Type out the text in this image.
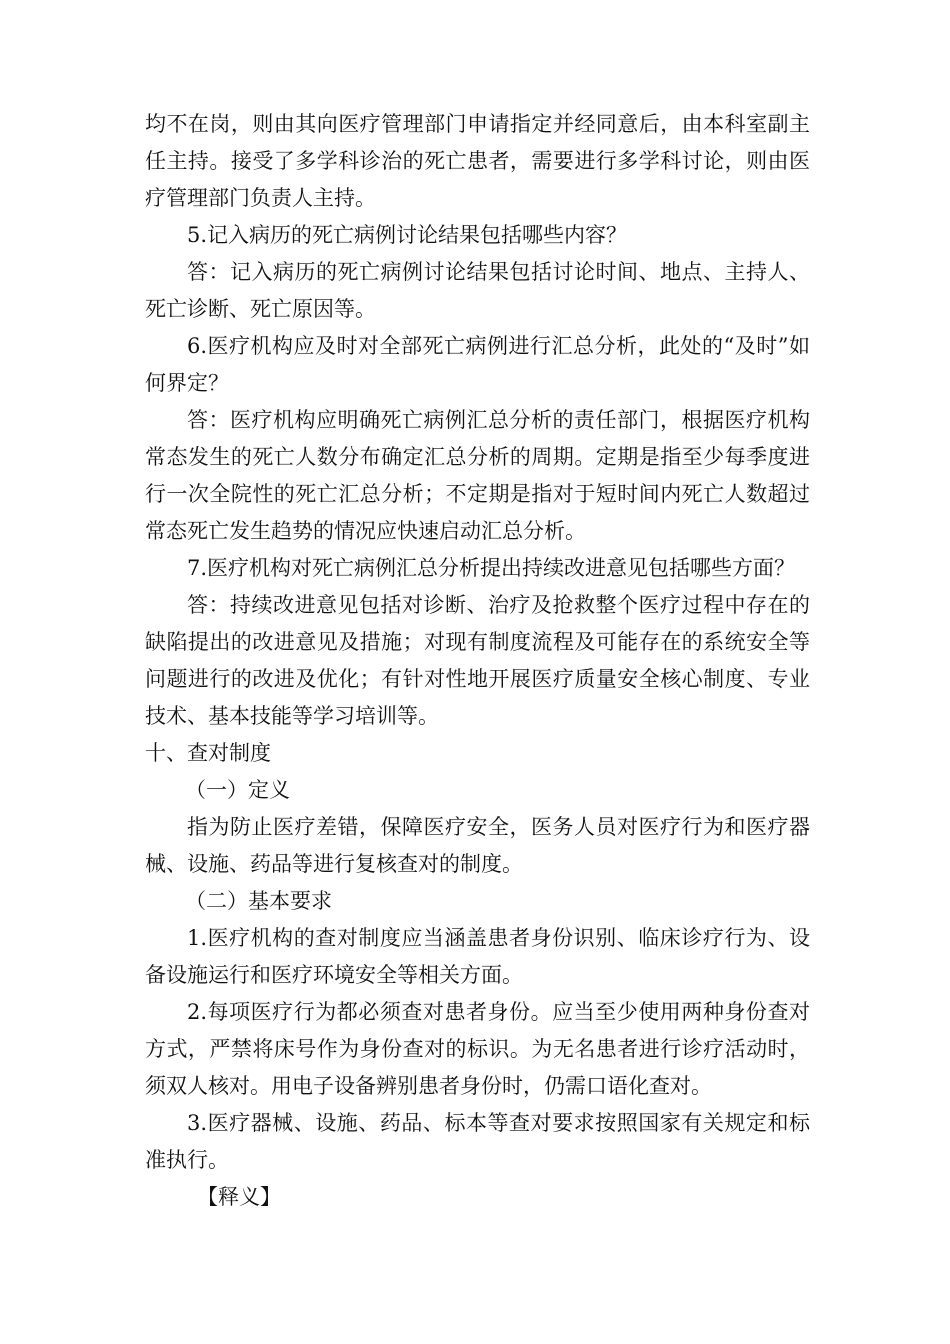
均不在岗，则由其向医疗管理部门申请指定并经同意后，由本科室副主任主持。接受了多学科诊治的死亡患者，需要进行多学科讨论，则由医疗管理部门负责人主持。

5.记入病历的死亡病例讨论结果包括哪些内容？

答：记入病历的死亡病例讨论结果包括讨论时间、地点、主持人、死亡诊断、死亡原因等。

6.医疗机构应及时对全部死亡病例进行汇总分析，此处的“及时”如何界定？

答：医疗机构应明确死亡病例汇总分析的责任部门，根据医疗机构常态发生的死亡人数分布确定汇总分析的周期。定期是指至少每季度进行一次全院性的死亡汇总分析；不定期是指对于短时间内死亡人数超过常态死亡发生趋势的情况应快速启动汇总分析。

7.医疗机构对死亡病例汇总分析提出持续改进意见包括哪些方面？

答：持续改进意见包括对诊断、治疗及抢救整个医疗过程中存在的缺陷提出的改进意见及措施；对现有制度流程及可能存在的系统安全等问题进行的改进及优化；有针对性地开展医疗质量安全核心制度、专业技术、基本技能等学习培训等。

十、查对制度

（一）定义

指为防止医疗差错，保障医疗安全，医务人员对医疗行为和医疗器械、设施、药品等进行复核查对的制度。

（二）基本要求

1.医疗机构的查对制度应当涵盖患者身份识别、临床诊疗行为、设备设施运行和医疗环境安全等相关方面。

2.每项医疗行为都必须查对患者身份。应当至少使用两种身份查对方式，严禁将床号作为身份查对的标识。为无名患者进行诊疗活动时，须双人核对。用电子设备辨别患者身份时，仍需口语化查对。

3.医疗器械、设施、药品、标本等查对要求按照国家有关规定和标准执行。

【释义】
